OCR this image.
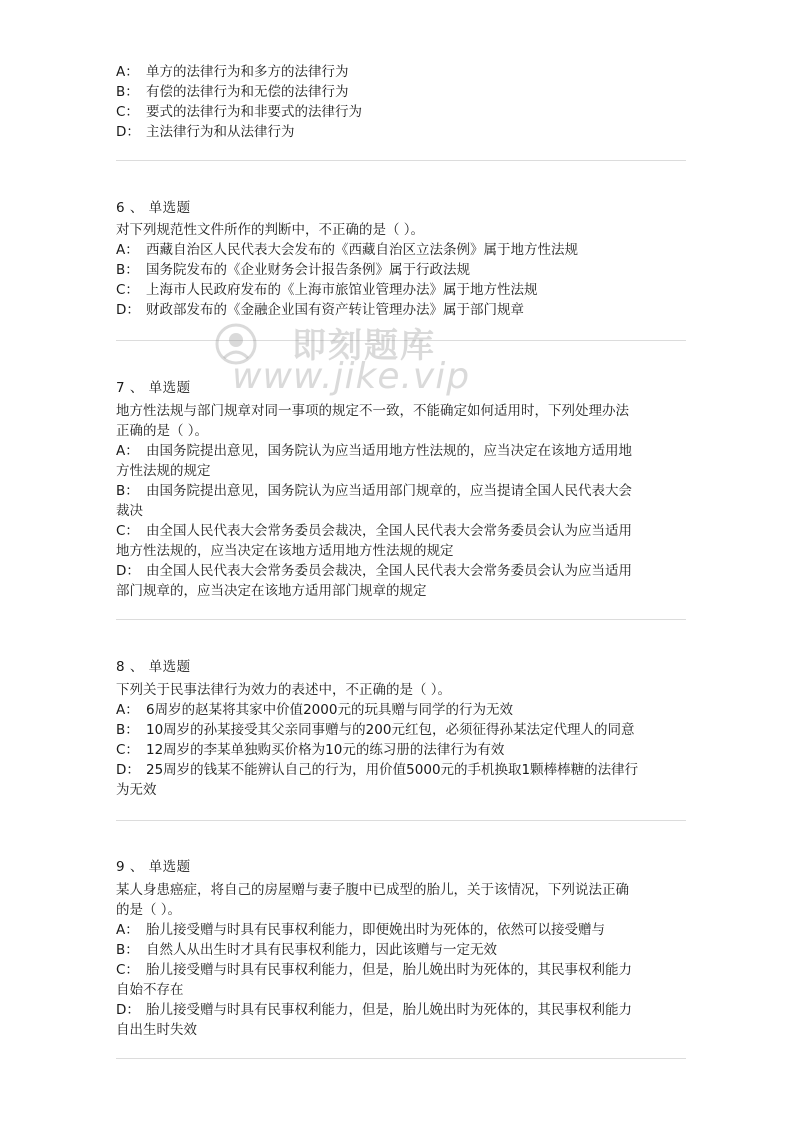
A： 单方的法律行为和多方的法律行为
B： 有偿的法律行为和无偿的法律行为
C： 要式的法律行为和非要式的法律行为
D： 主法律行为和从法律行为
6 、 单选题
对下列规范性文件所作的判断中，不正确的是（ ）。
A： 西藏自治区人民代表大会发布的《西藏自治区立法条例》属于地方性法规
B： 国务院发布的《企业财务会计报告条例》属于行政法规
C： 上海市人民政府发布的《上海市旅馆业管理办法》属于地方性法规
D： 财政部发布的《金融企业国有资产转让管理办法》属于部门规章
7 、 单选题
地方性法规与部门规章对同一事项的规定不一致，不能确定如何适用时，下列处理办法
正确的是（ ）。
A： 由国务院提出意见，国务院认为应当适用地方性法规的，应当决定在该地方适用地
方性法规的规定
B： 由国务院提出意见，国务院认为应当适用部门规章的，应当提请全国人民代表大会
裁决
C： 由全国人民代表大会常务委员会裁决，全国人民代表大会常务委员会认为应当适用
地方性法规的，应当决定在该地方适用地方性法规的规定
D： 由全国人民代表大会常务委员会裁决，全国人民代表大会常务委员会认为应当适用
部门规章的，应当决定在该地方适用部门规章的规定
8 、 单选题
下列关于民事法律行为效力的表述中，不正确的是（ ）。
A： 6周岁的赵某将其家中价值2000元的玩具赠与同学的行为无效
B： 10周岁的孙某接受其父亲同事赠与的200元红包，必须征得孙某法定代理人的同意
C： 12周岁的李某单独购买价格为10元的练习册的法律行为有效
D： 25周岁的钱某不能辨认自己的行为，用价值5000元的手机换取1颗棒棒糖的法律行
为无效
9 、 单选题
某人身患癌症，将自己的房屋赠与妻子腹中已成型的胎儿，关于该情况，下列说法正确
的是（ ）。
A： 胎儿接受赠与时具有民事权利能力，即便娩出时为死体的，依然可以接受赠与
B： 自然人从出生时才具有民事权利能力，因此该赠与一定无效
C： 胎儿接受赠与时具有民事权利能力，但是，胎儿娩出时为死体的，其民事权利能力
自始不存在
D： 胎儿接受赠与时具有民事权利能力，但是，胎儿娩出时为死体的，其民事权利能力
自出生时失效
即刻题库
www.jike.vip
